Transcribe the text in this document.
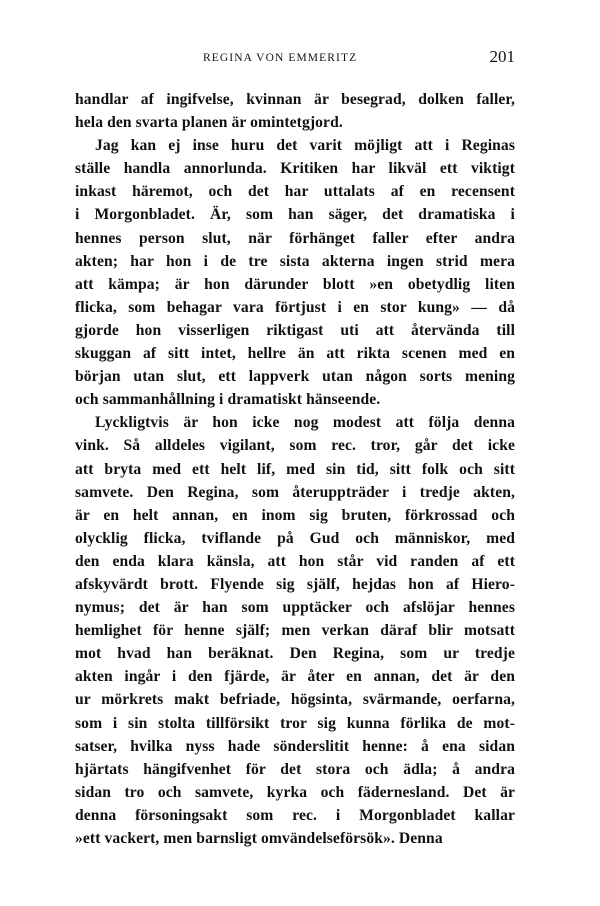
REGINA VON EMMERITZ	201
handlar af ingifvelse, kvinnan är besegrad, dolken faller,
hela den svarta planen är omintetgjord.
Jag kan ej inse huru det varit möjligt att i Reginas
ställe handla annorlunda. Kritiken har likväl ett viktigt
inkast häremot, och det har uttalats af en recensent
i Morgonbladet. Är, som han säger, det dramatiska i
hennes person slut, när förhänget faller efter andra
akten; har hon i de tre sista akterna ingen strid mera
att kämpa; är hon därunder blott »en obetydlig liten
flicka, som behagar vara förtjust i en stor kung» — då
gjorde hon visserligen riktigast uti att återvända till
skuggan af sitt intet, hellre än att rikta scenen med en
början utan slut, ett lappverk utan någon sorts mening
och sammanhållning i dramatiskt hänseende.
Lyckligtvis är hon icke nog modest att följa denna
vink. Så alldeles vigilant, som rec. tror, går det icke
att bryta med ett helt lif, med sin tid, sitt folk och sitt
samvete. Den Regina, som återuppträder i tredje akten,
är en helt annan, en inom sig bruten, förkrossad och
olycklig flicka, tviflande på Gud och människor, med
den enda klara känsla, att hon står vid randen af ett
afskyvärdt brott. Flyende sig själf, hejdas hon af Hiero-
nymus; det är han som upptäcker och afslöjar hennes
hemlighet för henne själf; men verkan däraf blir motsatt
mot hvad han beräknat. Den Regina, som ur tredje
akten ingår i den fjärde, är åter en annan, det är den
ur mörkrets makt befriade, högsinta, svärmande, oerfarna,
som i sin stolta tillförsikt tror sig kunna förlika de mot-
satser, hvilka nyss hade sönderslitit henne: å ena sidan
hjärtats hängifvenhet för det stora och ädla; å andra
sidan tro och samvete, kyrka och fädernesland. Det är
denna försoningsakt som rec. i Morgonbladet kallar
»ett vackert, men barnsligt omvändelseförsök». Denna
